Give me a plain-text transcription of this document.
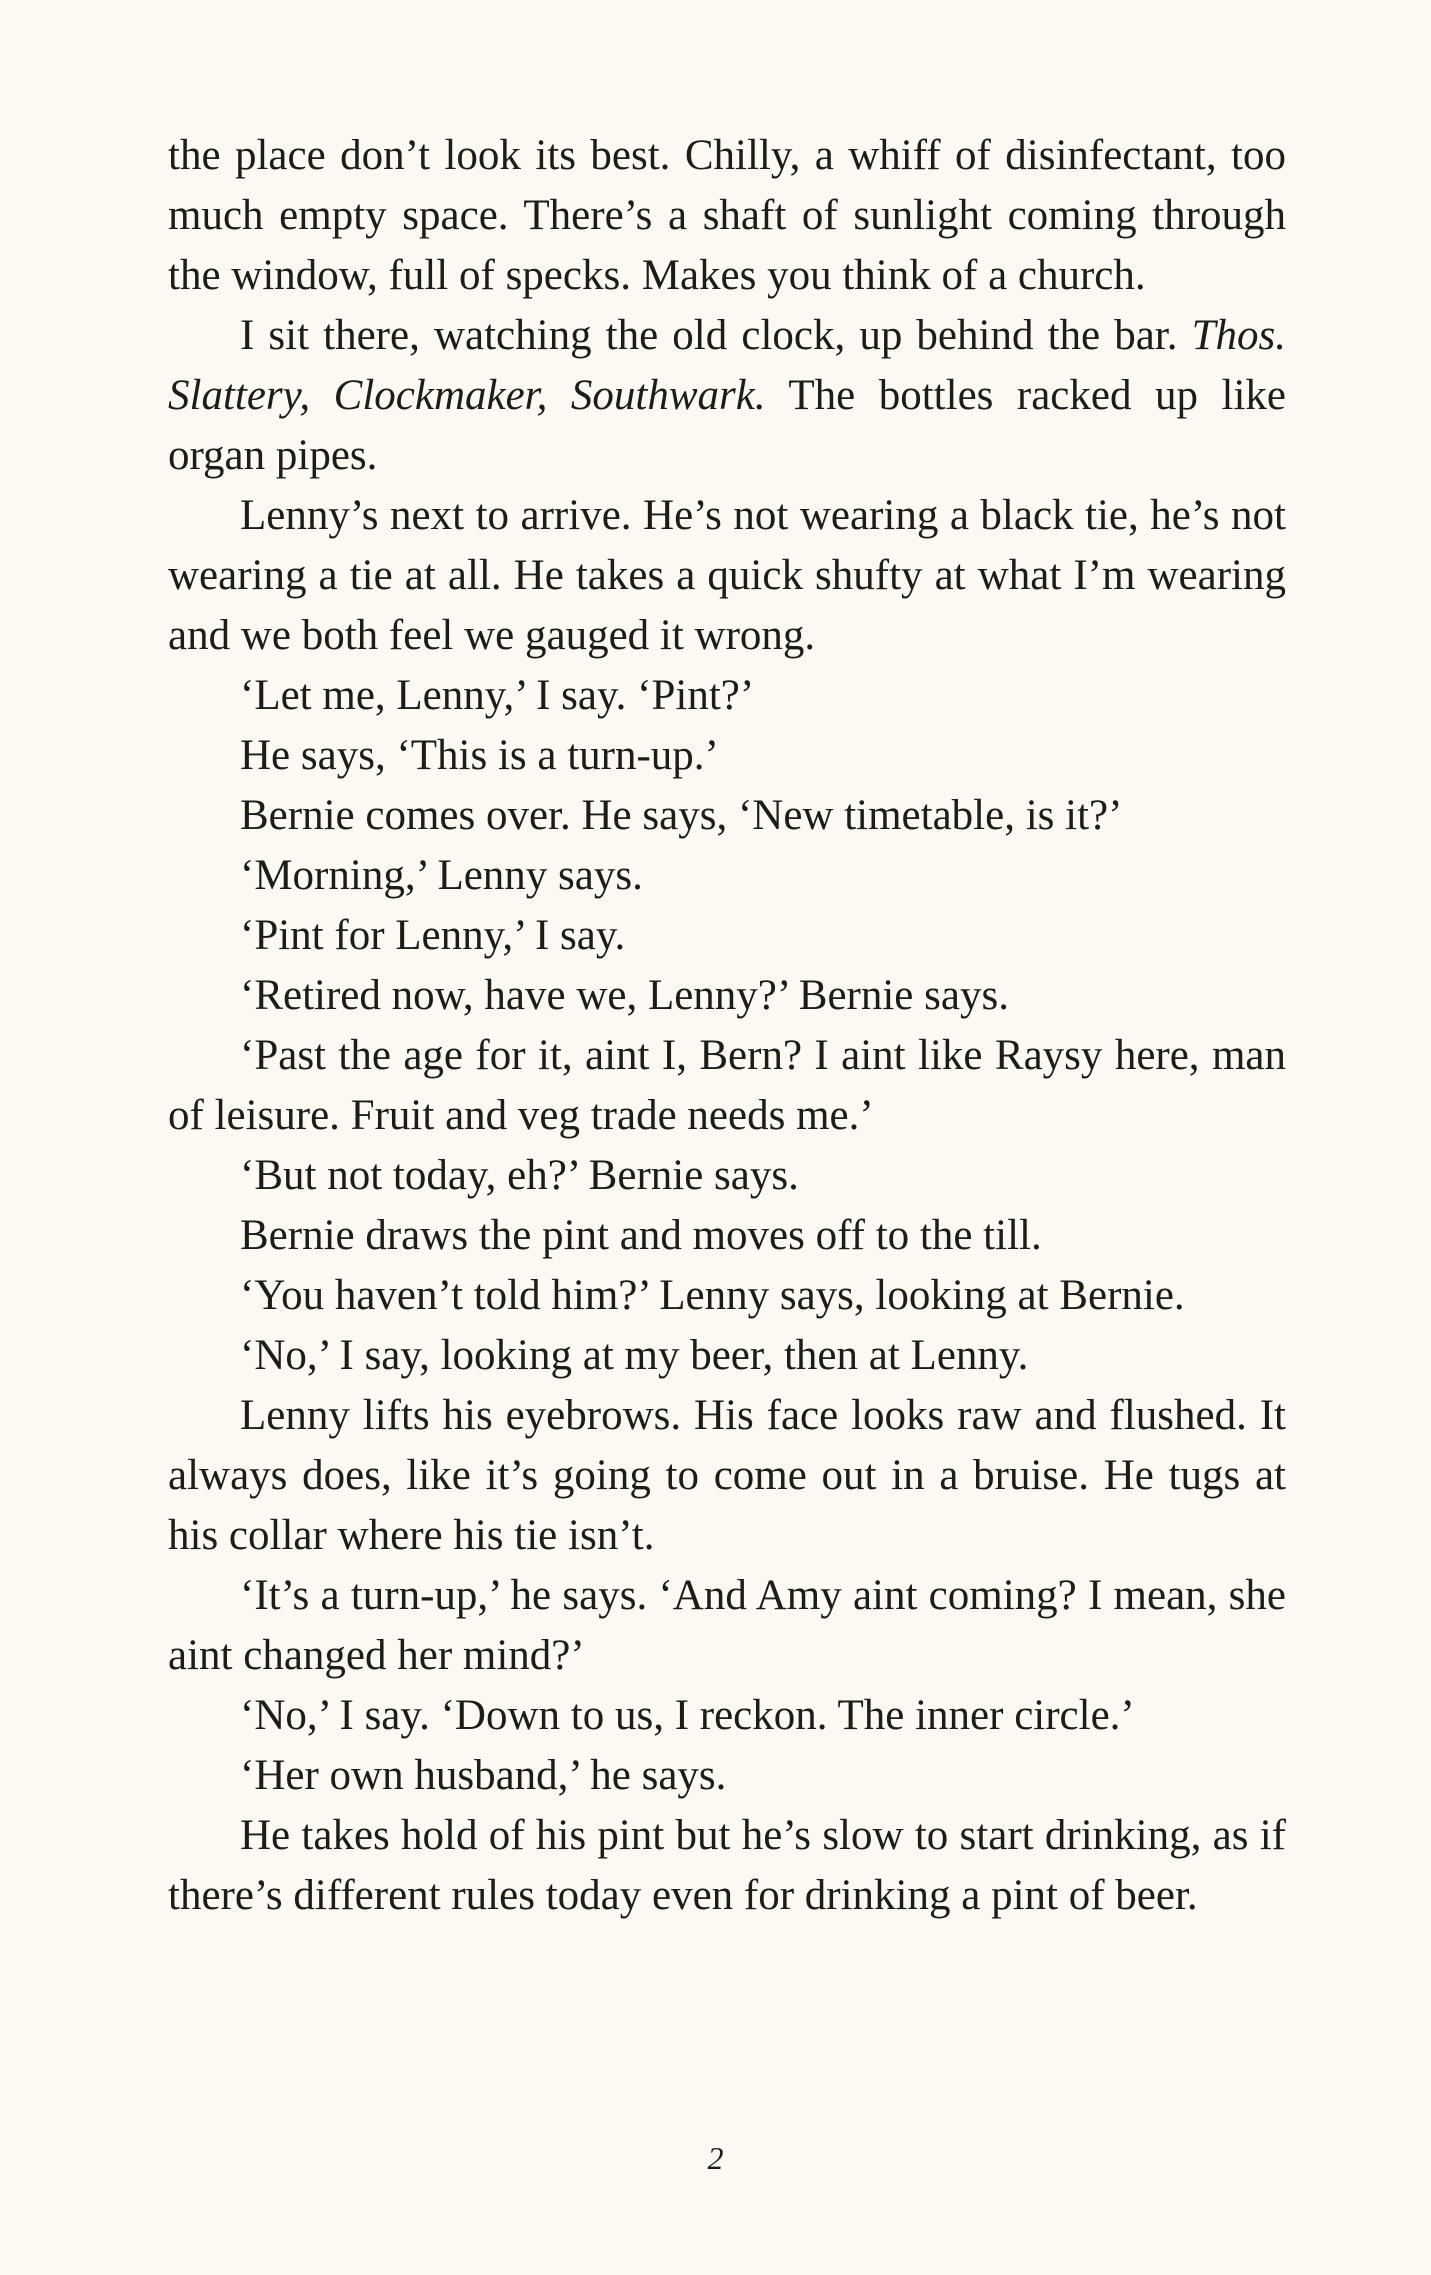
the place don’t look its best. Chilly, a whiff of disinfectant, too much empty space. There’s a shaft of sunlight coming through the window, full of specks. Makes you think of a church.

I sit there, watching the old clock, up behind the bar. Thos. Slattery, Clockmaker, Southwark. The bottles racked up like organ pipes.

Lenny’s next to arrive. He’s not wearing a black tie, he’s not wearing a tie at all. He takes a quick shufty at what I’m wearing and we both feel we gauged it wrong.

‘Let me, Lenny,’ I say. ‘Pint?’

He says, ‘This is a turn-up.’

Bernie comes over. He says, ‘New timetable, is it?’

‘Morning,’ Lenny says.

‘Pint for Lenny,’ I say.

‘Retired now, have we, Lenny?’ Bernie says.

‘Past the age for it, aint I, Bern? I aint like Raysy here, man of leisure. Fruit and veg trade needs me.’

‘But not today, eh?’ Bernie says.

Bernie draws the pint and moves off to the till.

‘You haven’t told him?’ Lenny says, looking at Bernie.

‘No,’ I say, looking at my beer, then at Lenny.

Lenny lifts his eyebrows. His face looks raw and flushed. It always does, like it’s going to come out in a bruise. He tugs at his collar where his tie isn’t.

‘It’s a turn-up,’ he says. ‘And Amy aint coming? I mean, she aint changed her mind?’

‘No,’ I say. ‘Down to us, I reckon. The inner circle.’

‘Her own husband,’ he says.

He takes hold of his pint but he’s slow to start drinking, as if there’s different rules today even for drinking a pint of beer.

2
